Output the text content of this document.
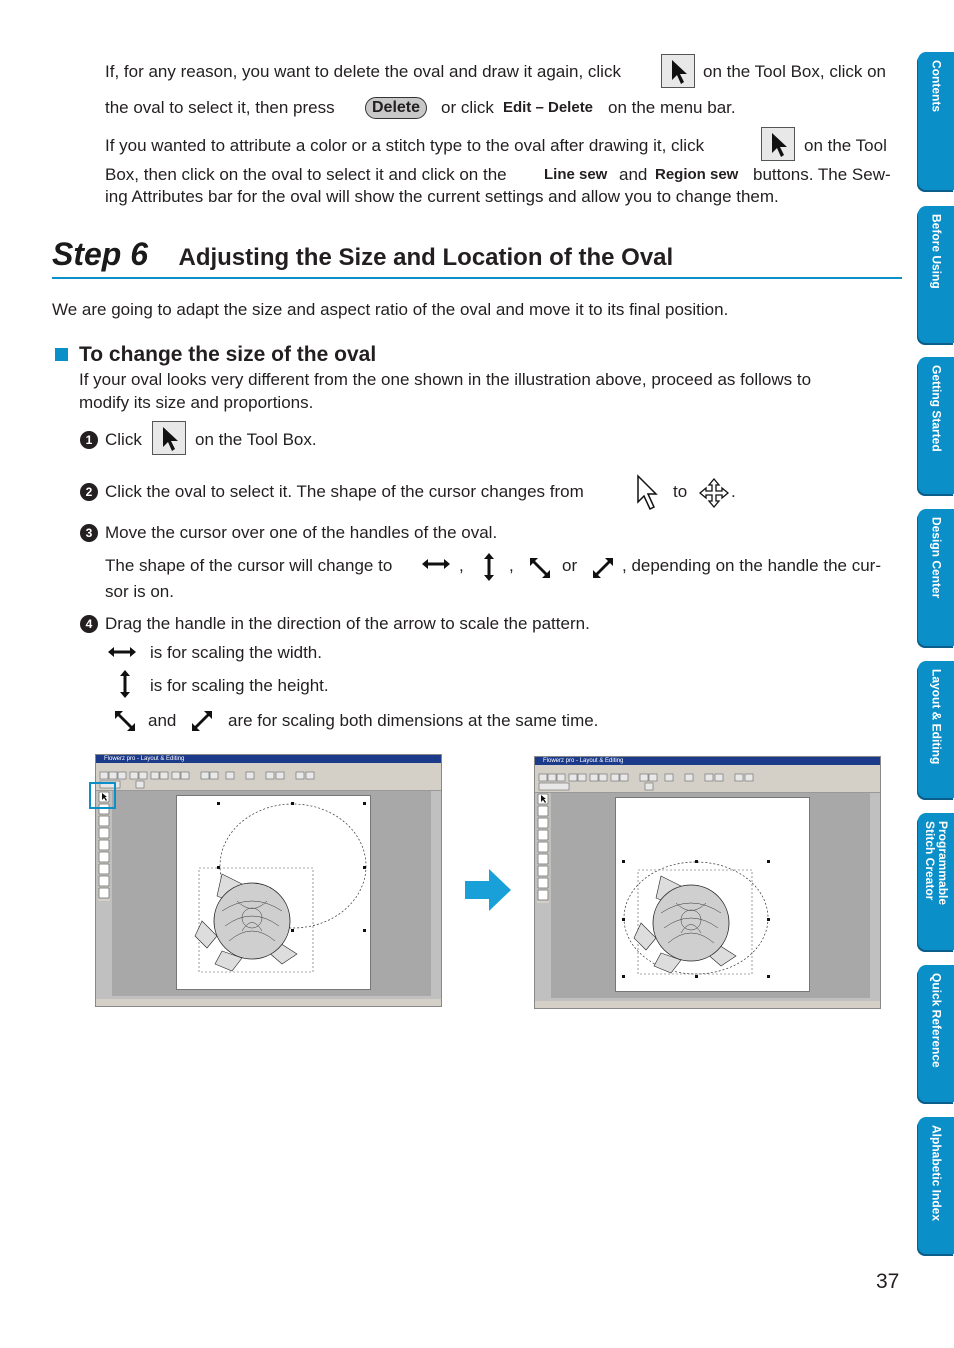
If, for any reason, you want to delete the oval and draw it again, click	on the Tool Box, click on
the oval to select it, then press	Delete	or click Edit – Delete on the menu bar.
If you wanted to attribute a color or a stitch type to the oval after drawing it, click	on the Tool
Box, then click on the oval to select it and click on the Line sew and Region sew buttons. The Sew-
ing Attributes bar for the oval will show the current settings and allow you to change them.
Step 6 Adjusting the Size and Location of the Oval
We are going to adapt the size and aspect ratio of the oval and move it to its final position.
To change the size of the oval
If your oval looks very different from the one shown in the illustration above, proceed as follows to
modify its size and proportions.
1 Click	on the Tool Box.
2 Click the oval to select it. The shape of the cursor changes from	to	.
3 Move the cursor over one of the handles of the oval.
The shape of the cursor will change to	,	,	or	, depending on the handle the cur-
sor is on.
4 Drag the handle in the direction of the arrow to scale the pattern.
is for scaling the width.
is for scaling the height.
and	are for scaling both dimensions at the same time.
Flowerz pro - Layout & Editing	Flowerz pro - Layout & Editing
Contents
Before Using
Getting Started
Design Center
Layout & Editing
Programmable
Stitch Creator
Quick Reference
Alphabetic Index
37
